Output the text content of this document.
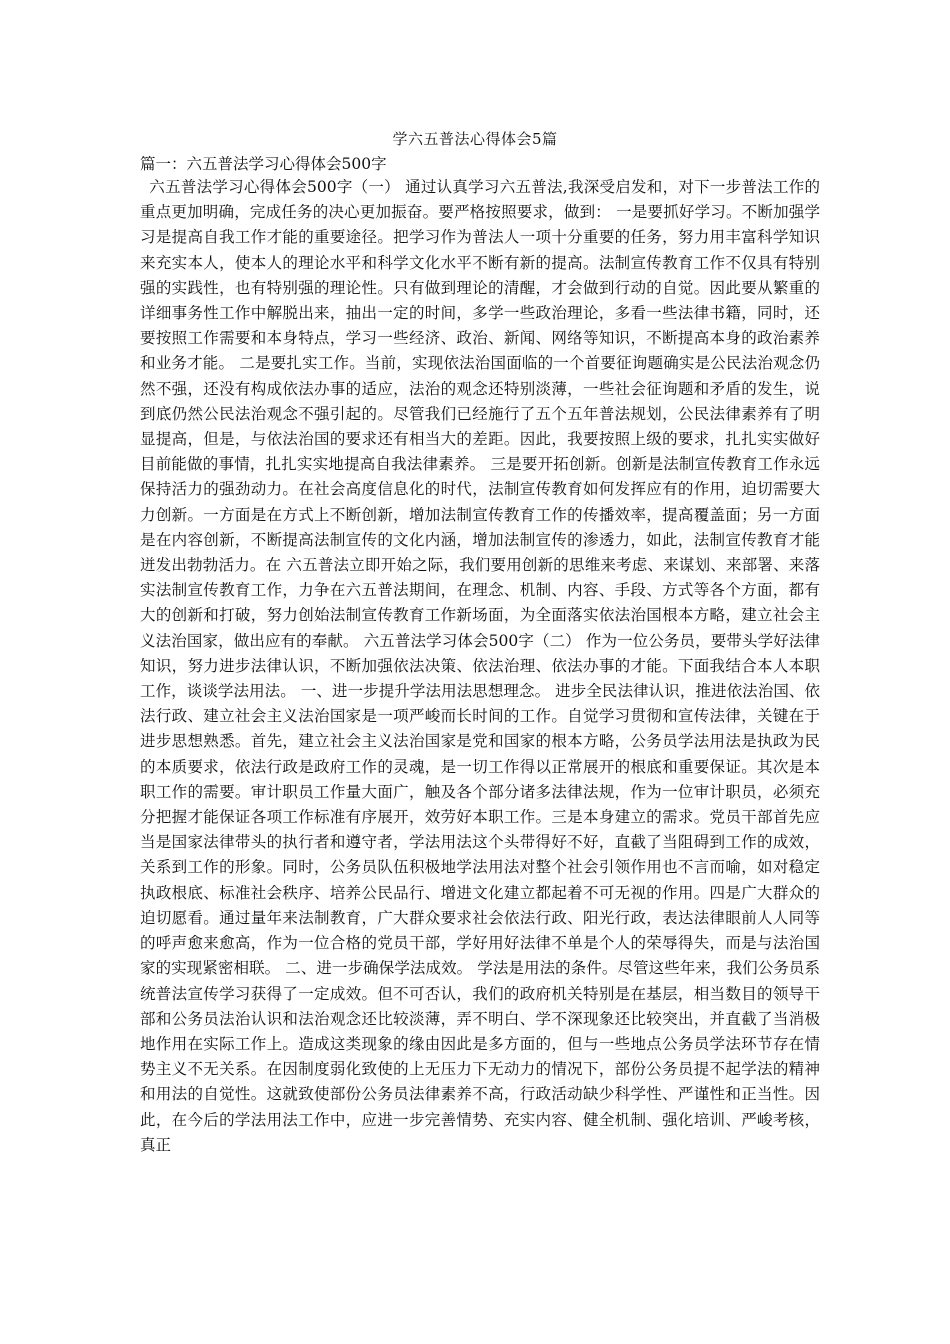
学六五普法心得体会5篇
篇一：六五普法学习心得体会500字

六五普法学习心得体会500字（一） 通过认真学习六五普法,我深受启发和，对下一步普法工作的重点更加明确，完成任务的决心更加振奋。要严格按照要求，做到： 一是要抓好学习。不断加强学习是提高自我工作才能的重要途径。把学习作为普法人一项十分重要的任务，努力用丰富科学知识来充实本人，使本人的理论水平和科学文化水平不断有新的提高。法制宣传教育工作不仅具有特别强的实践性，也有特别强的理论性。只有做到理论的清醒，才会做到行动的自觉。因此要从繁重的详细事务性工作中解脱出来，抽出一定的时间，多学一些政治理论，多看一些法律书籍，同时，还要按照工作需要和本身特点，学习一些经济、政治、新闻、网络等知识，不断提高本身的政治素养和业务才能。 二是要扎实工作。当前，实现依法治国面临的一个首要征询题确实是公民法治观念仍然不强，还没有构成依法办事的适应，法治的观念还特别淡薄，一些社会征询题和矛盾的发生，说到底仍然公民法治观念不强引起的。尽管我们已经施行了五个五年普法规划，公民法律素养有了明显提高，但是，与依法治国的要求还有相当大的差距。因此，我要按照上级的要求，扎扎实实做好目前能做的事情，扎扎实实地提高自我法律素养。 三是要开拓创新。创新是法制宣传教育工作永远保持活力的强劲动力。在社会高度信息化的时代，法制宣传教育如何发挥应有的作用，迫切需要大力创新。一方面是在方式上不断创新，增加法制宣传教育工作的传播效率，提高覆盖面；另一方面是在内容创新，不断提高法制宣传的文化内涵，增加法制宣传的渗透力，如此，法制宣传教育才能迸发出勃勃活力。在 六五普法立即开始之际，我们要用创新的思维来考虑、来谋划、来部署、来落实法制宣传教育工作，力争在六五普法期间，在理念、机制、内容、手段、方式等各个方面，都有大的创新和打破，努力创始法制宣传教育工作新场面，为全面落实依法治国根本方略，建立社会主义法治国家，做出应有的奉献。 六五普法学习体会500字（二） 作为一位公务员，要带头学好法律知识，努力进步法律认识，不断加强依法决策、依法治理、依法办事的才能。下面我结合本人本职工作，谈谈学法用法。 一、进一步提升学法用法思想理念。 进步全民法律认识，推进依法治国、依法行政、建立社会主义法治国家是一项严峻而长时间的工作。自觉学习贯彻和宣传法律，关键在于进步思想熟悉。首先，建立社会主义法治国家是党和国家的根本方略，公务员学法用法是执政为民的本质要求，依法行政是政府工作的灵魂，是一切工作得以正常展开的根底和重要保证。其次是本职工作的需要。审计职员工作量大面广，触及各个部分诸多法律法规，作为一位审计职员，必须充分把握才能保证各项工作标准有序展开，效劳好本职工作。三是本身建立的需求。党员干部首先应当是国家法律带头的执行者和遵守者，学法用法这个头带得好不好，直截了当阻碍到工作的成效，关系到工作的形象。同时，公务员队伍积极地学法用法对整个社会引领作用也不言而喻，如对稳定执政根底、标准社会秩序、培养公民品行、增进文化建立都起着不可无视的作用。四是广大群众的迫切愿看。通过量年来法制教育，广大群众要求社会依法行政、阳光行政，表达法律眼前人人同等的呼声愈来愈高，作为一位合格的党员干部，学好用好法律不单是个人的荣辱得失，而是与法治国家的实现紧密相联。 二、进一步确保学法成效。 学法是用法的条件。尽管这些年来，我们公务员系统普法宣传学习获得了一定成效。但不可否认，我们的政府机关特别是在基层，相当数目的领导干部和公务员法治认识和法治观念还比较淡薄，弄不明白、学不深现象还比较突出，并直截了当消极地作用在实际工作上。造成这类现象的缘由因此是多方面的，但与一些地点公务员学法环节存在情势主义不无关系。在因制度弱化致使的上无压力下无动力的情况下，部份公务员提不起学法的精神和用法的自觉性。这就致使部份公务员法律素养不高，行政活动缺少科学性、严谨性和正当性。因此，在今后的学法用法工作中，应进一步完善情势、充实内容、健全机制、强化培训、严峻考核，真正
